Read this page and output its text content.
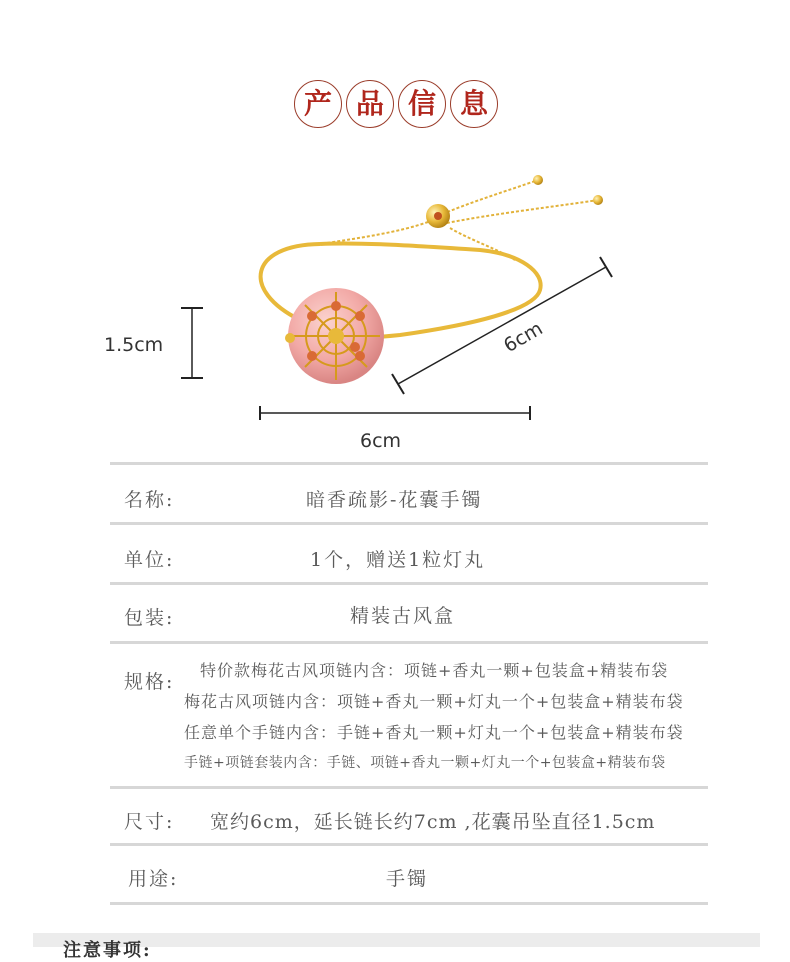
产 品 信 息
1.5cm
6cm
6cm
名称:	暗香疏影-花囊手镯
单位:	1个，赠送1粒灯丸
包装:	精装古风盒
规格:
特价款梅花古风项链内含：项链+香丸一颗+包装盒+精装布袋
梅花古风项链内含：项链+香丸一颗+灯丸一个+包装盒+精装布袋
任意单个手链内含：手链+香丸一颗+灯丸一个+包装盒+精装布袋
手链+项链套装内含：手链、项链+香丸一颗+灯丸一个+包装盒+精装布袋
尺寸: 宽约6cm，延长链长约7cm ,花囊吊坠直径1.5cm
用途:	手镯
注意事项:
